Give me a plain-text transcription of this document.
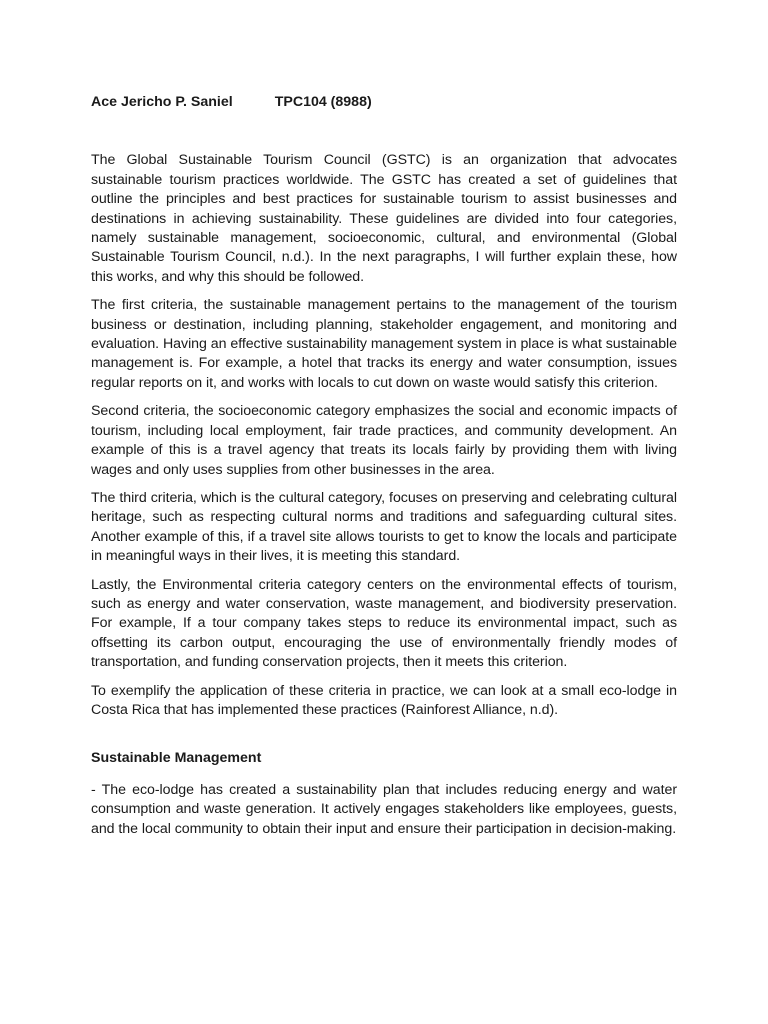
Ace Jericho P. Saniel	TPC104 (8988)

The Global Sustainable Tourism Council (GSTC) is an organization that advocates sustainable tourism practices worldwide. The GSTC has created a set of guidelines that outline the principles and best practices for sustainable tourism to assist businesses and destinations in achieving sustainability. These guidelines are divided into four categories, namely sustainable management, socioeconomic, cultural, and environmental (Global Sustainable Tourism Council, n.d.). In the next paragraphs, I will further explain these, how this works, and why this should be followed.

The first criteria, the sustainable management pertains to the management of the tourism business or destination, including planning, stakeholder engagement, and monitoring and evaluation. Having an effective sustainability management system in place is what sustainable management is. For example, a hotel that tracks its energy and water consumption, issues regular reports on it, and works with locals to cut down on waste would satisfy this criterion.

Second criteria, the socioeconomic category emphasizes the social and economic impacts of tourism, including local employment, fair trade practices, and community development. An example of this is a travel agency that treats its locals fairly by providing them with living wages and only uses supplies from other businesses in the area.

The third criteria, which is the cultural category, focuses on preserving and celebrating cultural heritage, such as respecting cultural norms and traditions and safeguarding cultural sites. Another example of this, if a travel site allows tourists to get to know the locals and participate in meaningful ways in their lives, it is meeting this standard.

Lastly, the Environmental criteria category centers on the environmental effects of tourism, such as energy and water conservation, waste management, and biodiversity preservation. For example, If a tour company takes steps to reduce its environmental impact, such as offsetting its carbon output, encouraging the use of environmentally friendly modes of transportation, and funding conservation projects, then it meets this criterion.

To exemplify the application of these criteria in practice, we can look at a small eco-lodge in Costa Rica that has implemented these practices (Rainforest Alliance, n.d).

Sustainable Management

- The eco-lodge has created a sustainability plan that includes reducing energy and water consumption and waste generation. It actively engages stakeholders like employees, guests, and the local community to obtain their input and ensure their participation in decision-making.
